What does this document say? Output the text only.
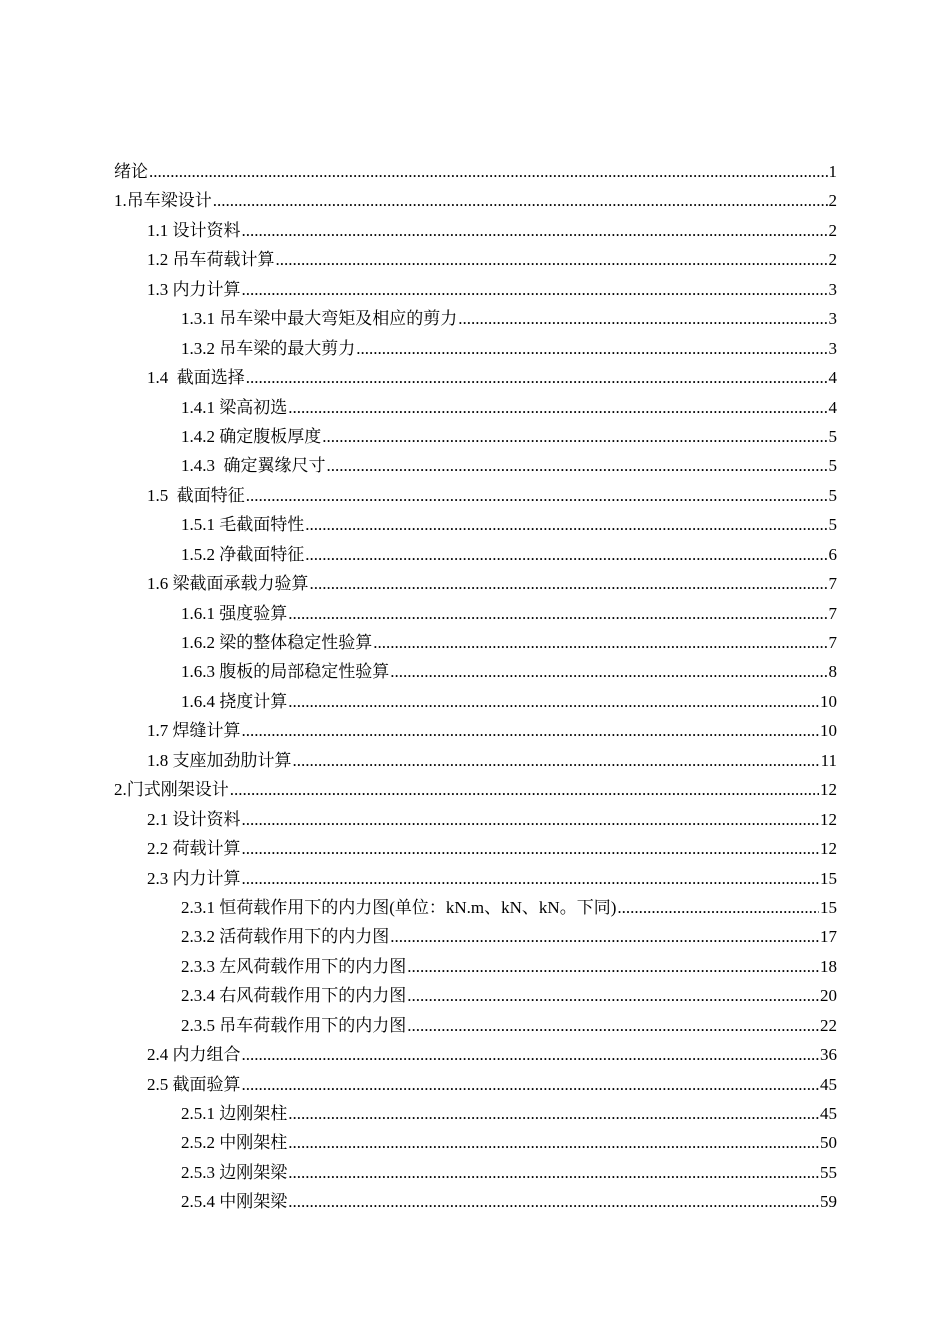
绪论 .....	1
1.吊车梁设计 .....	2
1.1 设计资料 .....	2
1.2 吊车荷载计算 .....	2
1.3 内力计算 .....	3
1.3.1 吊车梁中最大弯矩及相应的剪力 .....	3
1.3.2 吊车梁的最大剪力 .....	3
1.4  截面选择 .....	4
1.4.1 梁高初选 .....	4
1.4.2 确定腹板厚度 .....	5
1.4.3  确定翼缘尺寸 .....	5
1.5  截面特征 .....	5
1.5.1 毛截面特性 .....	5
1.5.2 净截面特征 .....	6
1.6 梁截面承载力验算 .....	7
1.6.1 强度验算 .....	7
1.6.2 梁的整体稳定性验算 .....	7
1.6.3 腹板的局部稳定性验算 .....	8
1.6.4 挠度计算 .....	10
1.7 焊缝计算 .....	10
1.8 支座加劲肋计算 .....	11
2.门式刚架设计 .....	12
2.1 设计资料 .....	12
2.2 荷载计算 .....	12
2.3 内力计算 .....	15
2.3.1 恒荷载作用下的内力图(单位：kN.m、kN、kN。下同) .....	15
2.3.2 活荷载作用下的内力图 .....	17
2.3.3 左风荷载作用下的内力图 .....	18
2.3.4 右风荷载作用下的内力图 .....	20
2.3.5 吊车荷载作用下的内力图 .....	22
2.4 内力组合 .....	36
2.5 截面验算 .....	45
2.5.1 边刚架柱 .....	45
2.5.2 中刚架柱 .....	50
2.5.3 边刚架梁 .....	55
2.5.4 中刚架梁 .....	59
